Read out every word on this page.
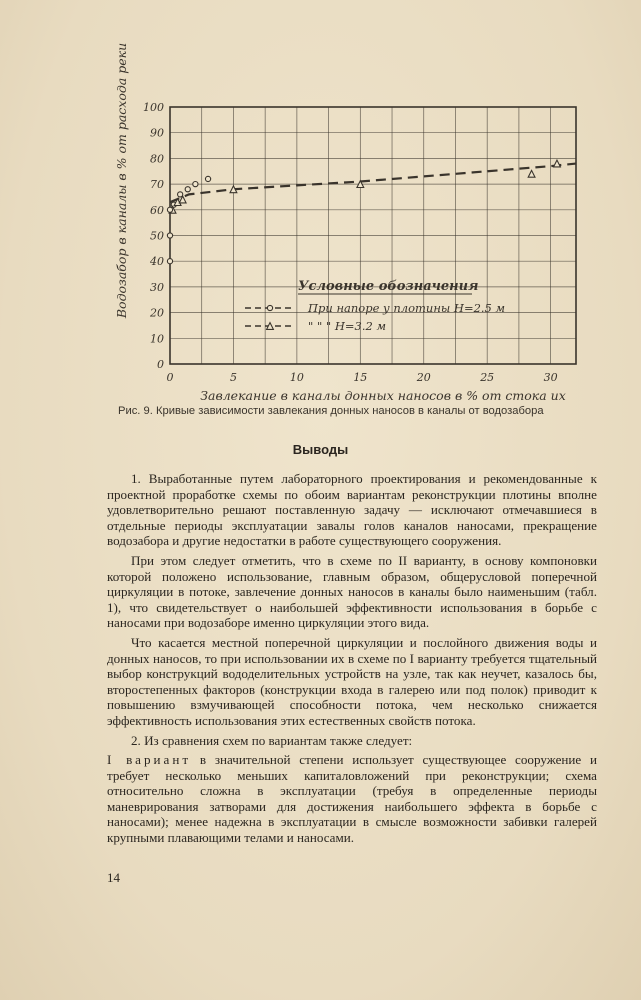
0
10
20
30
40
50
60
70
80
90
100
0	5	10	15	20	25	30
Водозабор в каналы в % от расхода реки
Завлекание в каналы донных наносов в % от стока их
Условные обозначения
При напоре у плотины H=2.5 м
" " " H=3.2 м
Рис. 9. Кривые зависимости завлекания донных наносов в каналы от водозабора
Выводы

1. Выработанные путем лабораторного проектирования и рекомендованные к проектной проработке схемы по обоим вариантам реконструкции плотины вполне удовлетворительно решают поставленную задачу — исключают отмечавшиеся в отдельные периоды эксплуатации завалы голов каналов наносами, прекращение водозабора и другие недостатки в работе существующего сооружения.

При этом следует отметить, что в схеме по II варианту, в основу компоновки которой положено использование, главным образом, общерусловой поперечной циркуляции в потоке, завлечение донных наносов в каналы было наименьшим (табл. 1), что свидетельствует о наибольшей эффективности использования в борьбе с наносами при водозаборе именно циркуляции этого вида.

Что касается местной поперечной циркуляции и послойного движения воды и донных наносов, то при использовании их в схеме по I варианту требуется тщательный выбор конструкций вододелительных устройств на узле, так как неучет, казалось бы, второстепенных факторов (конструкции входа в галерею или под полок) приводит к повышению взмучивающей способности потока, чем несколько снижается эффективность использования этих естественных свойств потока.

2. Из сравнения схем по вариантам также следует:

I вариант в значительной степени использует существующее сооружение и требует несколько меньших капиталовложений при реконструкции; схема относительно сложна в эксплуатации (требуя в определенные периоды маневрирования затворами для достижения наибольшего эффекта в борьбе с наносами); менее надежна в эксплуатации в смысле возможности забивки галерей крупными плавающими телами и наносами.

14
